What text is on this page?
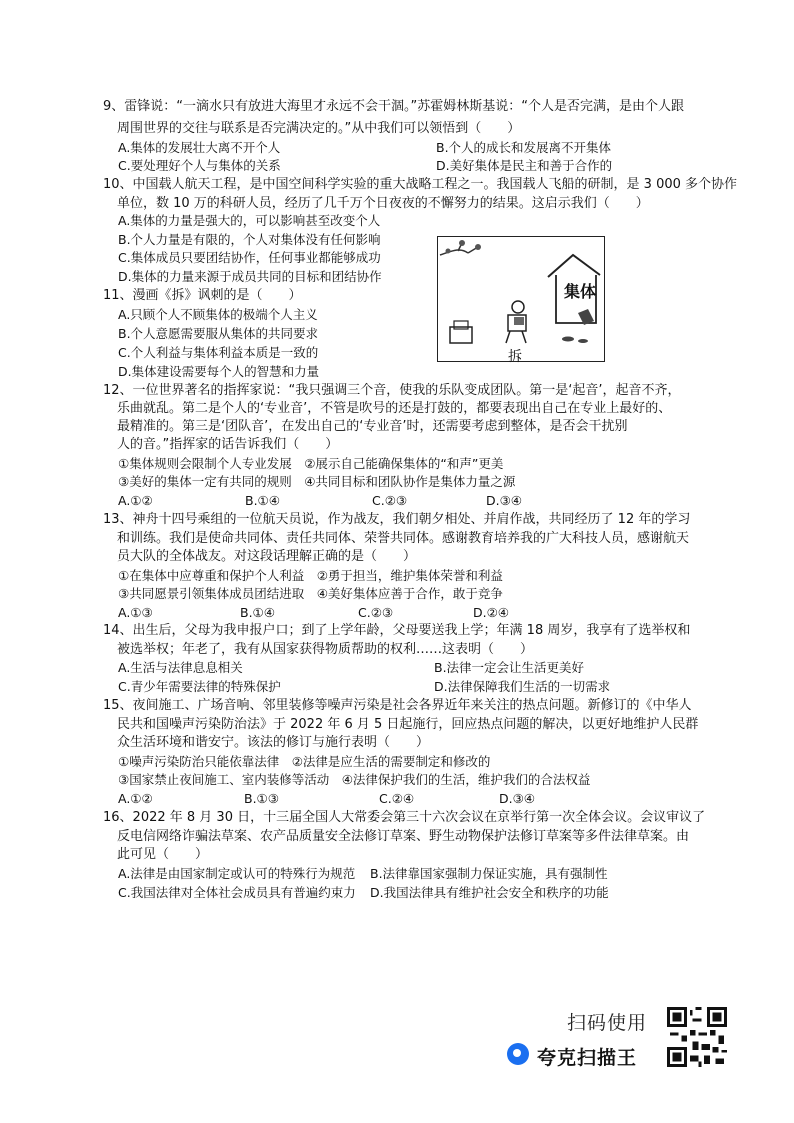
9、雷锋说：“一滴水只有放进大海里才永远不会干涸。”苏霍姆林斯基说：“个人是否完满，是由个人跟
周围世界的交往与联系是否完满决定的。”从中我们可以领悟到（　　）
A.集体的发展壮大离不开个人	B.个人的成长和发展离不开集体
C.要处理好个人与集体的关系	D.美好集体是民主和善于合作的
10、中国载人航天工程，是中国空间科学实验的重大战略工程之一。我国载人飞船的研制，是 3 000 多个协作
单位，数 10 万的科研人员，经历了几千万个日夜夜的不懈努力的结果。这启示我们（　　）
A.集体的力量是强大的，可以影响甚至改变个人
B.个人力量是有限的，个人对集体没有任何影响
C.集体成员只要团结协作，任何事业都能够成功
D.集体的力量来源于成员共同的目标和团结协作
11、漫画《拆》讽刺的是（　　）
A.只顾个人不顾集体的极端个人主义
B.个人意愿需要服从集体的共同要求
C.个人利益与集体利益本质是一致的
D.集体建设需要每个人的智慧和力量
集体
拆
12、一位世界著名的指挥家说：“我只强调三个音，使我的乐队变成团队。第一是‘起音’，起音不齐，
乐曲就乱。第二是个人的‘专业音’，不管是吹号的还是打鼓的，都要表现出自己在专业上最好的、
最精准的。第三是‘团队音’，在发出自己的‘专业音’时，还需要考虑到整体，是否会干扰别
人的音。”指挥家的话告诉我们（　　）
①集体规则会限制个人专业发展　②展示自己能确保集体的“和声”更美
③美好的集体一定有共同的规则　④共同目标和团队协作是集体力量之源
A.①②	B.①④	C.②③	D.③④
13、神舟十四号乘组的一位航天员说，作为战友，我们朝夕相处、并肩作战，共同经历了 12 年的学习
和训练。我们是使命共同体、责任共同体、荣誉共同体。感谢教育培养我的广大科技人员，感谢航天
员大队的全体战友。对这段话理解正确的是（　　）
①在集体中应尊重和保护个人利益　②勇于担当，维护集体荣誉和利益
③共同愿景引领集体成员团结进取　④美好集体应善于合作，敢于竞争
A.①③	B.①④	C.②③	D.②④
14、出生后，父母为我申报户口；到了上学年龄，父母要送我上学；年满 18 周岁，我享有了选举权和
被选举权；年老了，我有从国家获得物质帮助的权利……这表明（　　）
A.生活与法律息息相关	B.法律一定会让生活更美好
C.青少年需要法律的特殊保护	D.法律保障我们生活的一切需求
15、夜间施工、广场音响、邻里装修等噪声污染是社会各界近年来关注的热点问题。新修订的《中华人
民共和国噪声污染防治法》于 2022 年 6 月 5 日起施行，回应热点问题的解决，以更好地维护人民群
众生活环境和谐安宁。该法的修订与施行表明（　　）
①噪声污染防治只能依靠法律　②法律是应生活的需要制定和修改的
③国家禁止夜间施工、室内装修等活动　④法律保护我们的生活，维护我们的合法权益
A.①②	B.①③	C.②④	D.③④
16、2022 年 8 月 30 日，十三届全国人大常委会第三十六次会议在京举行第一次全体会议。会议审议了
反电信网络诈骗法草案、农产品质量安全法修订草案、野生动物保护法修订草案等多件法律草案。由
此可见（　　）
A.法律是由国家制定或认可的特殊行为规范 B.法律靠国家强制力保证实施，具有强制性
C.我国法律对全体社会成员具有普遍约束力 D.我国法律具有维护社会安全和秩序的功能
扫码使用
夸克扫描王
